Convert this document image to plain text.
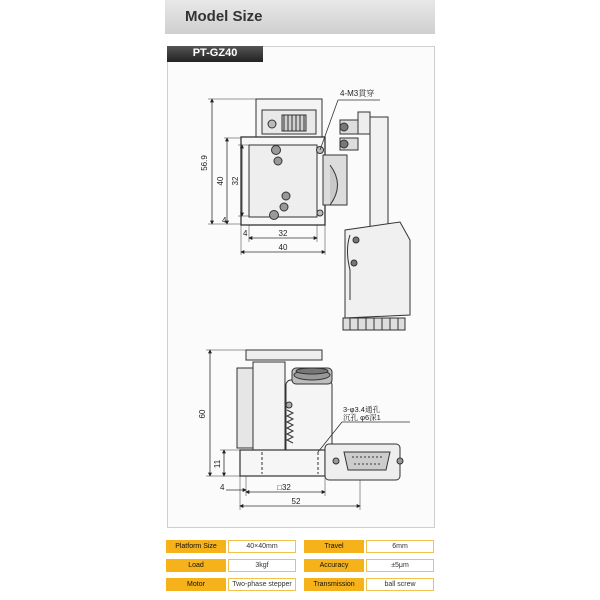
Model Size
PT-GZ40
4-M3貫穿
56.9
40 32
4
4	32
40
3-φ3.4通孔
沉孔 φ6深1
60
11
4	□32
52
Platform Size	40×40mm	Travel	6mm
Load	3kgf	Accuracy	±5μm
Motor	Two-phase stepper	Transmission	ball screw
